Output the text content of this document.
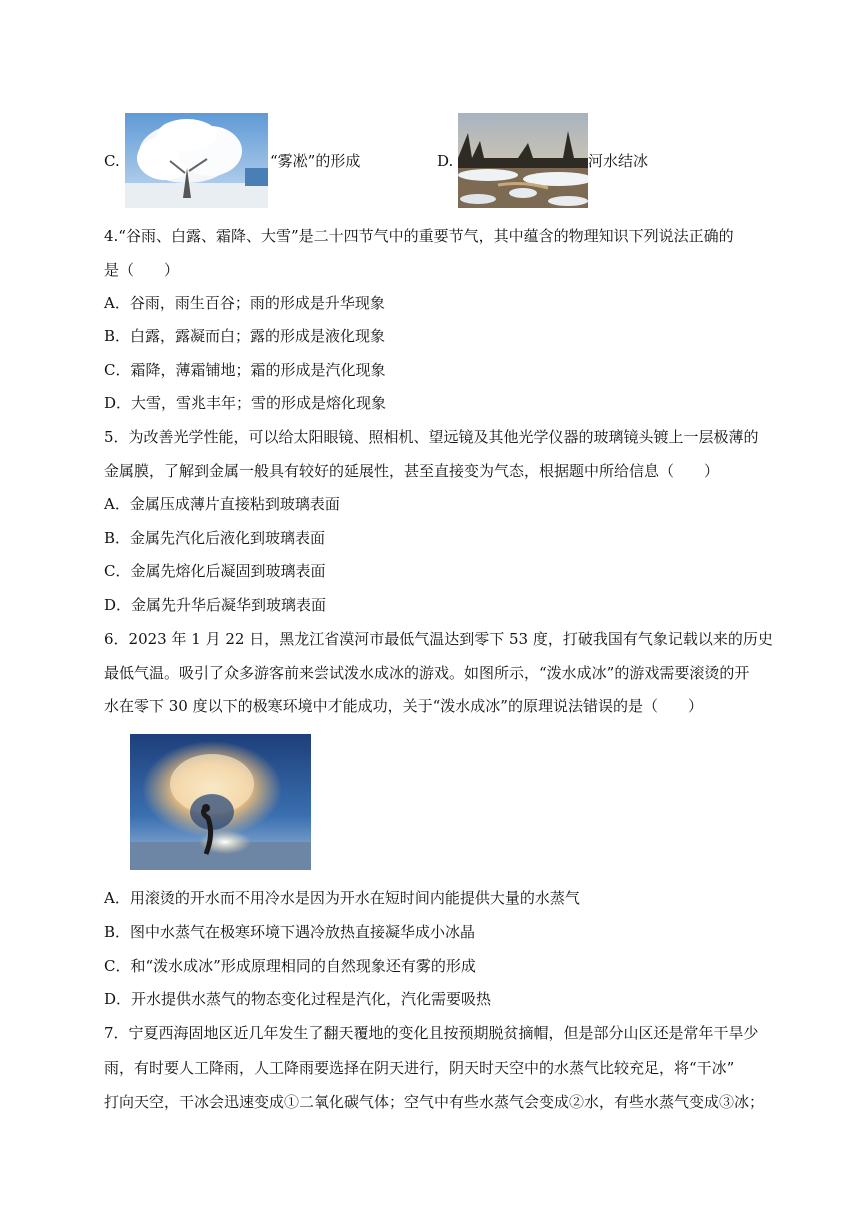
C.	“雾凇”的形成	D.	河水结冰
4.“谷雨、白露、霜降、大雪”是二十四节气中的重要节气，其中蕴含的物理知识下列说法正确的
是（　　）
A．谷雨，雨生百谷；雨的形成是升华现象
B．白露，露凝而白；露的形成是液化现象
C．霜降，薄霜铺地；霜的形成是汽化现象
D．大雪，雪兆丰年；雪的形成是熔化现象
5．为改善光学性能，可以给太阳眼镜、照相机、望远镜及其他光学仪器的玻璃镜头镀上一层极薄的
金属膜，了解到金属一般具有较好的延展性，甚至直接变为气态，根据题中所给信息（　　）
A．金属压成薄片直接粘到玻璃表面
B．金属先汽化后液化到玻璃表面
C．金属先熔化后凝固到玻璃表面
D．金属先升华后凝华到玻璃表面
6．2023 年 1 月 22 日，黑龙江省漠河市最低气温达到零下 53 度，打破我国有气象记载以来的历史
最低气温。吸引了众多游客前来尝试泼水成冰的游戏。如图所示，“泼水成冰”的游戏需要滚烫的开
水在零下 30 度以下的极寒环境中才能成功，关于“泼水成冰”的原理说法错误的是（　　）
A．用滚烫的开水而不用冷水是因为开水在短时间内能提供大量的水蒸气
B．图中水蒸气在极寒环境下遇冷放热直接凝华成小冰晶
C．和“泼水成冰”形成原理相同的自然现象还有雾的形成
D．开水提供水蒸气的物态变化过程是汽化，汽化需要吸热
7．宁夏西海固地区近几年发生了翻天覆地的变化且按预期脱贫摘帽，但是部分山区还是常年干旱少
雨，有时要人工降雨，人工降雨要选择在阴天进行，阴天时天空中的水蒸气比较充足，将“干冰”
打向天空，干冰会迅速变成①二氧化碳气体；空气中有些水蒸气会变成②水，有些水蒸气变成③冰；
